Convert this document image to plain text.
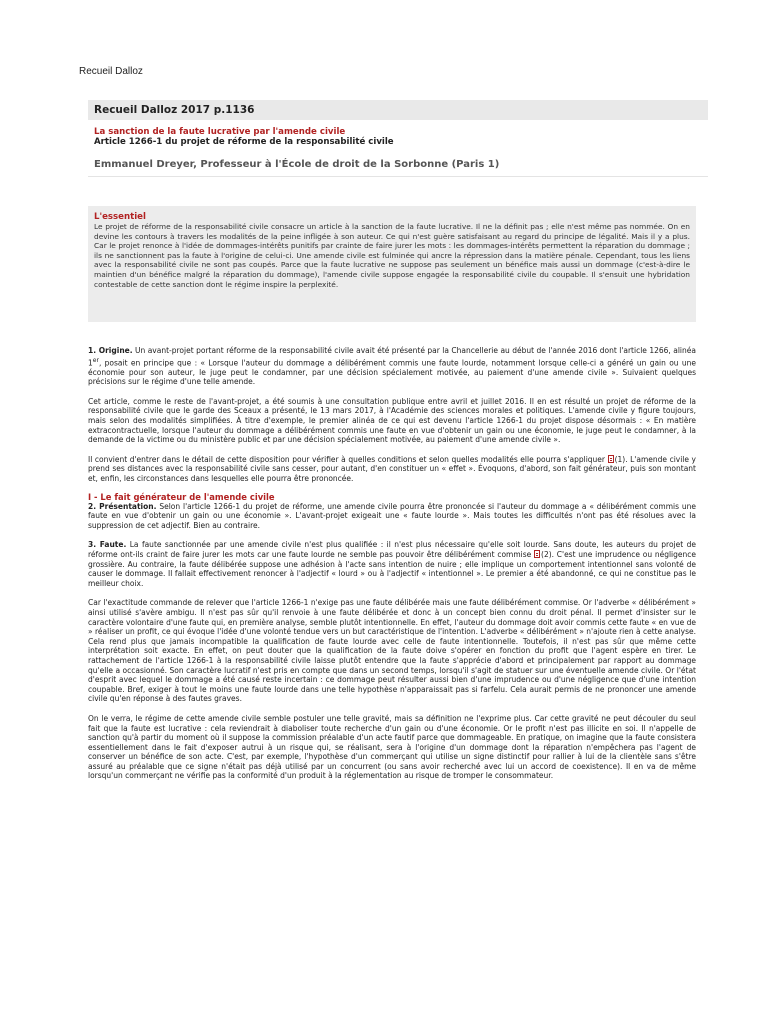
Recueil Dalloz
Recueil Dalloz 2017 p.1136
La sanction de la faute lucrative par l'amende civile
Article 1266-1 du projet de réforme de la responsabilité civile
Emmanuel Dreyer, Professeur à l'École de droit de la Sorbonne (Paris 1)
L'essentiel

Le projet de réforme de la responsabilité civile consacre un article à la sanction de la faute lucrative. Il ne la définit pas ; elle n'est même pas nommée. On en devine les contours à travers les modalités de la peine infligée à son auteur. Ce qui n'est guère satisfaisant au regard du principe de légalité. Mais il y a plus. Car le projet renonce à l'idée de dommages-intérêts punitifs par crainte de faire jurer les mots : les dommages-intérêts permettent la réparation du dommage ; ils ne sanctionnent pas la faute à l'origine de celui-ci. Une amende civile est fulminée qui ancre la répression dans la matière pénale. Cependant, tous les liens avec la responsabilité civile ne sont pas coupés. Parce que la faute lucrative ne suppose pas seulement un bénéfice mais aussi un dommage (c'est-à-dire le maintien d'un bénéfice malgré la réparation du dommage), l'amende civile suppose engagée la responsabilité civile du coupable. Il s'ensuit une hybridation contestable de cette sanction dont le régime inspire la perplexité.

1. Origine. Un avant-projet portant réforme de la responsabilité civile avait été présenté par la Chancellerie au début de l'année 2016 dont l'article 1266, alinéa 1er, posait en principe que : « Lorsque l'auteur du dommage a délibérément commis une faute lourde, notamment lorsque celle-ci a généré un gain ou une économie pour son auteur, le juge peut le condamner, par une décision spécialement motivée, au paiement d'une amende civile ». Suivaient quelques précisions sur le régime d'une telle amende.

Cet article, comme le reste de l'avant-projet, a été soumis à une consultation publique entre avril et juillet 2016. Il en est résulté un projet de réforme de la responsabilité civile que le garde des Sceaux a présenté, le 13 mars 2017, à l'Académie des sciences morales et politiques. L'amende civile y figure toujours, mais selon des modalités simplifiées. À titre d'exemple, le premier alinéa de ce qui est devenu l'article 1266-1 du projet dispose désormais : « En matière extracontractuelle, lorsque l'auteur du dommage a délibérément commis une faute en vue d'obtenir un gain ou une économie, le juge peut le condamner, à la demande de la victime ou du ministère public et par une décision spécialement motivée, au paiement d'une amende civile ».

Il convient d'entrer dans le détail de cette disposition pour vérifier à quelles conditions et selon quelles modalités elle pourra s'appliquer (1). L'amende civile y prend ses distances avec la responsabilité civile sans cesser, pour autant, d'en constituer un « effet ». Évoquons, d'abord, son fait générateur, puis son montant et, enfin, les circonstances dans lesquelles elle pourra être prononcée.

I - Le fait générateur de l'amende civile

2. Présentation. Selon l'article 1266-1 du projet de réforme, une amende civile pourra être prononcée si l'auteur du dommage a « délibérément commis une faute en vue d'obtenir un gain ou une économie ». L'avant-projet exigeait une « faute lourde ». Mais toutes les difficultés n'ont pas été résolues avec la suppression de cet adjectif. Bien au contraire.

3. Faute. La faute sanctionnée par une amende civile n'est plus qualifiée : il n'est plus nécessaire qu'elle soit lourde. Sans doute, les auteurs du projet de réforme ont-ils craint de faire jurer les mots car une faute lourde ne semble pas pouvoir être délibérément commise (2). C'est une imprudence ou négligence grossière. Au contraire, la faute délibérée suppose une adhésion à l'acte sans intention de nuire ; elle implique un comportement intentionnel sans volonté de causer le dommage. Il fallait effectivement renoncer à l'adjectif « lourd » ou à l'adjectif « intentionnel ». Le premier a été abandonné, ce qui ne constitue pas le meilleur choix.

Car l'exactitude commande de relever que l'article 1266-1 n'exige pas une faute délibérée mais une faute délibérément commise. Or l'adverbe « délibérément » ainsi utilisé s'avère ambigu. Il n'est pas sûr qu'il renvoie à une faute délibérée et donc à un concept bien connu du droit pénal. Il permet d'insister sur le caractère volontaire d'une faute qui, en première analyse, semble plutôt intentionnelle. En effet, l'auteur du dommage doit avoir commis cette faute « en vue de » réaliser un profit, ce qui évoque l'idée d'une volonté tendue vers un but caractéristique de l'intention. L'adverbe « délibérément » n'ajoute rien à cette analyse. Cela rend plus que jamais incompatible la qualification de faute lourde avec celle de faute intentionnelle. Toutefois, il n'est pas sûr que même cette interprétation soit exacte. En effet, on peut douter que la qualification de la faute doive s'opérer en fonction du profit que l'agent espère en tirer. Le rattachement de l'article 1266-1 à la responsabilité civile laisse plutôt entendre que la faute s'apprécie d'abord et principalement par rapport au dommage qu'elle a occasionné. Son caractère lucratif n'est pris en compte que dans un second temps, lorsqu'il s'agit de statuer sur une éventuelle amende civile. Or l'état d'esprit avec lequel le dommage a été causé reste incertain : ce dommage peut résulter aussi bien d'une imprudence ou d'une négligence que d'une intention coupable. Bref, exiger à tout le moins une faute lourde dans une telle hypothèse n'apparaissait pas si farfelu. Cela aurait permis de ne prononcer une amende civile qu'en réponse à des fautes graves.

On le verra, le régime de cette amende civile semble postuler une telle gravité, mais sa définition ne l'exprime plus. Car cette gravité ne peut découler du seul fait que la faute est lucrative : cela reviendrait à diaboliser toute recherche d'un gain ou d'une économie. Or le profit n'est pas illicite en soi. Il n'appelle de sanction qu'à partir du moment où il suppose la commission préalable d'un acte fautif parce que dommageable. En pratique, on imagine que la faute consistera essentiellement dans le fait d'exposer autrui à un risque qui, se réalisant, sera à l'origine d'un dommage dont la réparation n'empêchera pas l'agent de conserver un bénéfice de son acte. C'est, par exemple, l'hypothèse d'un commerçant qui utilise un signe distinctif pour rallier à lui de la clientèle sans s'être assuré au préalable que ce signe n'était pas déjà utilisé par un concurrent (ou sans avoir recherché avec lui un accord de coexistence). Il en va de même lorsqu'un commerçant ne vérifie pas la conformité d'un produit à la réglementation au risque de tromper le consommateur.
